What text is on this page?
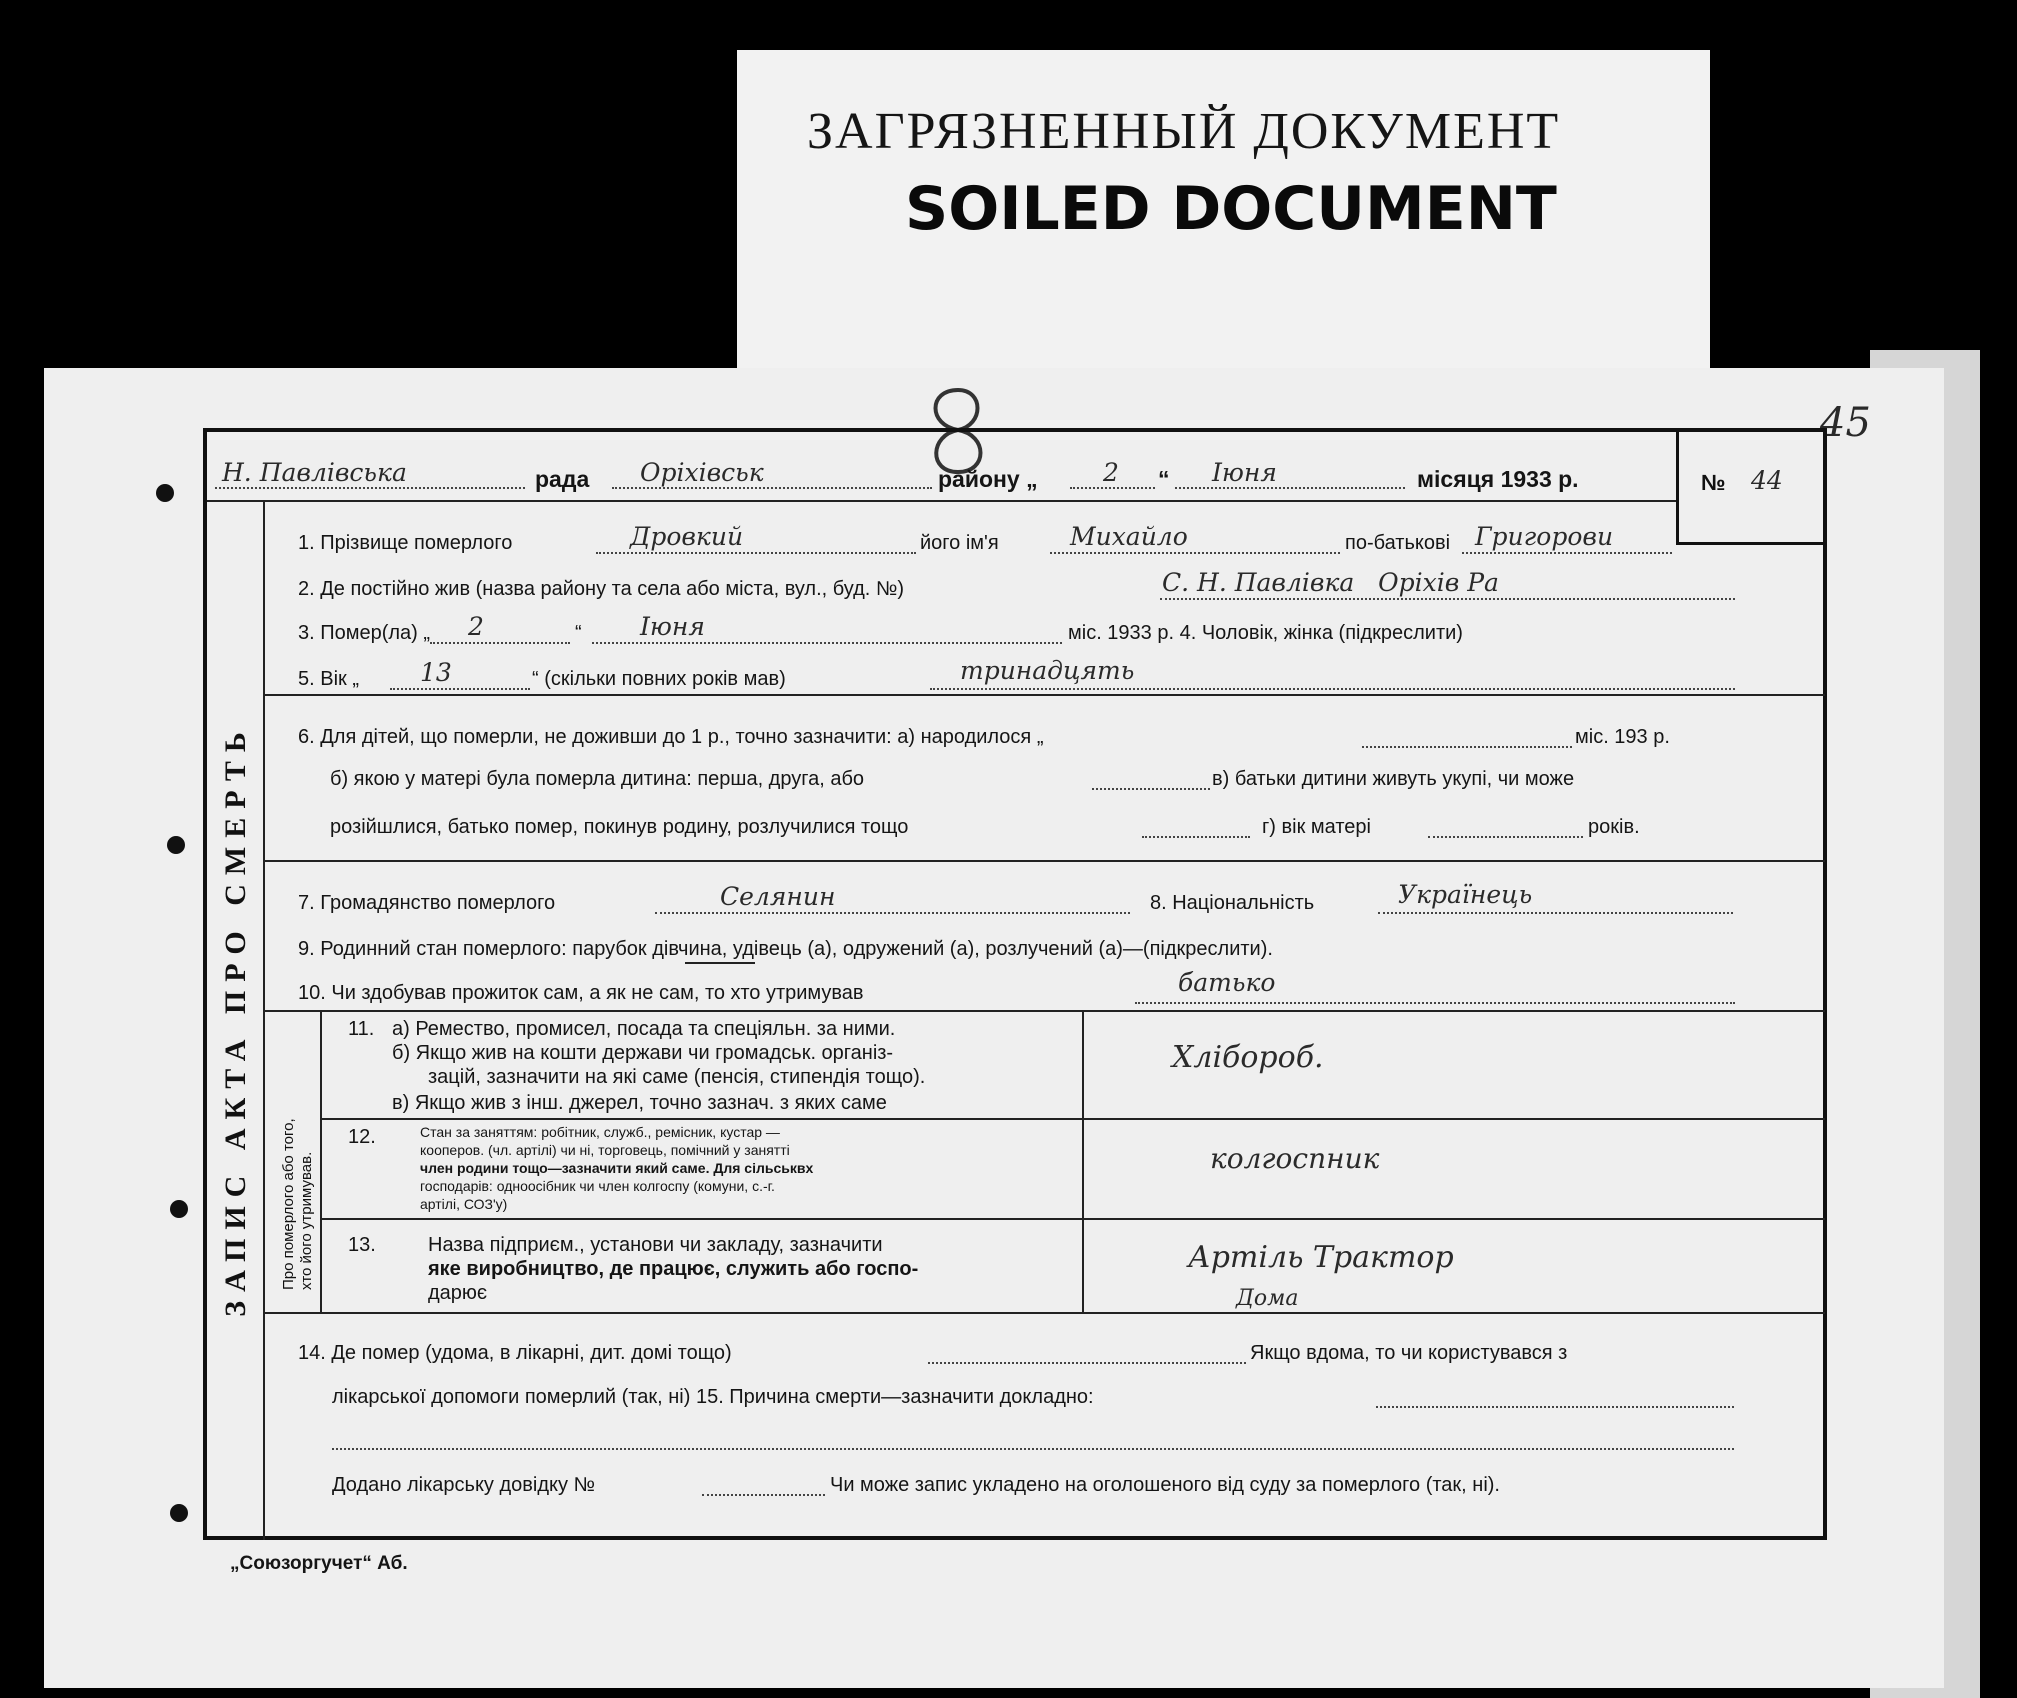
ЗАГРЯЗНЕННЫЙ ДОКУМЕНТ
SOILED DOCUMENT
45
ЗАПИС АКТА ПРО СМЕРТЬ
Н. Павлівська	рада Оріхівськ	району „	2 “ Іюня	місяця 1933 р.	№ 44
1. Прізвище померлого	Дровкий	його ім'я	Михайло	по-батькові Григорови
2. Де постійно жив (назва району та села або міста, вул., буд. №)	С. Н. Павлівка   Оріхів Ра
3. Помер(ла) „ 2	“ Іюня	міс. 1933 р. 4. Чоловік, жінка (підкреслити)
5. Вік „ 13	“ (скільки повних років мав)	тринадцять
6. Для дітей, що померли, не доживши до 1 р., точно зазначити: а) народилося „	міс. 193 р.
б) якою у матері була померла дитина: перша, друга, або	в) батьки дитини живуть укупі, чи може
розійшлися, батько помер, покинув родину, розлучилися тощо	г) вік матері	років.
7. Громадянство померлого	Селянин	8. Національність	Українець
9. Родинний стан померлого: парубок дівчина, удівець (а), одружений (а), розлучений (а)—(підкреслити).
10. Чи здобував прожиток сам, а як не сам, то хто утримував	батько
Про померлого або того, хто його утримував.
11. а) Ремество, промисел, посада та спеціяльн. за ними.
б) Якщо жив на кошти держави чи громадськ. організ-
зацій, зазначити на які саме (пенсія, стипендія тощо).
в) Якщо жив з інш. джерел, точно зазнач. з яких саме
Хлібороб.
12.	Стан за заняттям: робітник, служб., ремісник, кустар —
кооперов. (чл. артілі) чи ні, торговець, помічний у занятті
член родини тощо—зазначити який саме. Для сільськвх
господарів: одноосібник чи член колгоспу (комуни, с.-г.
артілі, СОЗ'у)
колгоспник
13.	Назва підприєм., установи чи закладу, зазначити
яке виробництво, де працює, служить або госпо-
дарює
Артіль Трактор
Дома
14. Де помер (удома, в лікарні, дит. домі тощо)	Якщо вдома, то чи користувався з
лікарської допомоги померлий (так, ні) 15. Причина смерти—зазначити докладно:
Додано лікарську довідку №	Чи може запис укладено на оголошеного від суду за померлого (так, ні).
„Союзоргучет“ Аб.
